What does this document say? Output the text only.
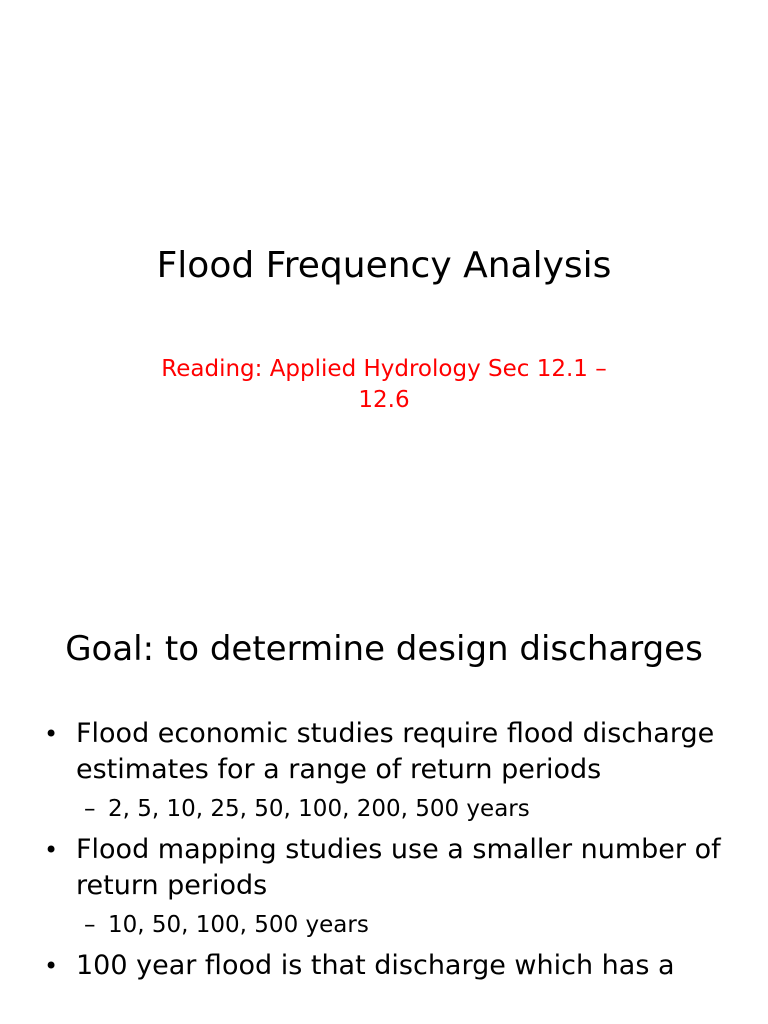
Flood Frequency Analysis
Reading: Applied Hydrology Sec 12.1 –
12.6
Goal: to determine design discharges
• Flood economic studies require flood discharge estimates for a range of return periods
– 2, 5, 10, 25, 50, 100, 200, 500 years
• Flood mapping studies use a smaller number of return periods
– 10, 50, 100, 500 years
• 100 year flood is that discharge which has a
